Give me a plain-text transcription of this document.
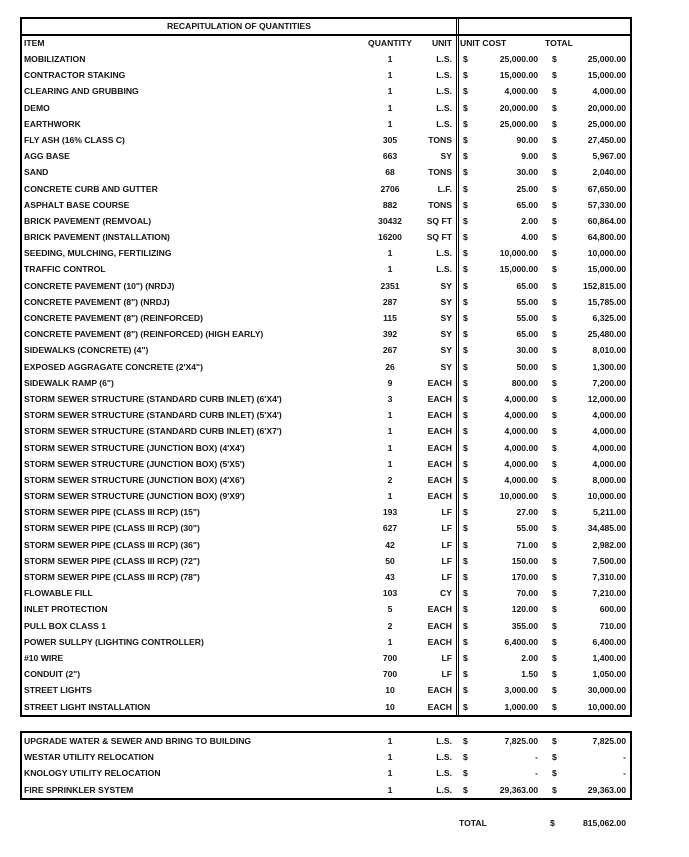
RECAPITULATION OF QUANTITIES
ITEM	QUANTITY	UNIT UNIT COST	TOTAL
MOBILIZATION	1	L.S. $	25,000.00 $	25,000.00
CONTRACTOR STAKING	1	L.S. $	15,000.00 $	15,000.00
CLEARING AND GRUBBING	1	L.S. $	4,000.00 $	4,000.00
DEMO	1	L.S. $	20,000.00 $	20,000.00
EARTHWORK	1	L.S. $	25,000.00 $	25,000.00
FLY ASH (16% CLASS C)	305	TONS $	90.00 $	27,450.00
AGG BASE	663	SY $	9.00 $	5,967.00
SAND	68	TONS $	30.00 $	2,040.00
CONCRETE CURB AND GUTTER	2706	L.F. $	25.00 $	67,650.00
ASPHALT BASE COURSE	882	TONS $	65.00 $	57,330.00
BRICK PAVEMENT (REMVOAL)	30432	SQ FT $	2.00 $	60,864.00
BRICK PAVEMENT (INSTALLATION)	16200	SQ FT $	4.00 $	64,800.00
SEEDING, MULCHING, FERTILIZING	1	L.S. $	10,000.00 $	10,000.00
TRAFFIC CONTROL	1	L.S. $	15,000.00 $	15,000.00
CONCRETE PAVEMENT (10") (NRDJ)	2351	SY $	65.00 $	152,815.00
CONCRETE PAVEMENT (8") (NRDJ)	287	SY $	55.00 $	15,785.00
CONCRETE PAVEMENT (8") (REINFORCED)	115	SY $	55.00 $	6,325.00
CONCRETE PAVEMENT (8") (REINFORCED) (HIGH EARLY)	392	SY $	65.00 $	25,480.00
SIDEWALKS (CONCRETE) (4")	267	SY $	30.00 $	8,010.00
EXPOSED AGGRAGATE CONCRETE (2'X4")	26	SY $	50.00 $	1,300.00
SIDEWALK RAMP (6")	9	EACH $	800.00 $	7,200.00
STORM SEWER STRUCTURE (STANDARD CURB INLET) (6'X4')	3	EACH $	4,000.00 $	12,000.00
STORM SEWER STRUCTURE (STANDARD CURB INLET) (5'X4')	1	EACH $	4,000.00 $	4,000.00
STORM SEWER STRUCTURE (STANDARD CURB INLET) (6'X7')	1	EACH $	4,000.00 $	4,000.00
STORM SEWER STRUCTURE (JUNCTION BOX) (4'X4')	1	EACH $	4,000.00 $	4,000.00
STORM SEWER STRUCTURE (JUNCTION BOX) (5'X5')	1	EACH $	4,000.00 $	4,000.00
STORM SEWER STRUCTURE (JUNCTION BOX) (4'X6')	2	EACH $	4,000.00 $	8,000.00
STORM SEWER STRUCTURE (JUNCTION BOX) (9'X9')	1	EACH $	10,000.00 $	10,000.00
STORM SEWER PIPE (CLASS III RCP) (15")	193	LF $	27.00 $	5,211.00
STORM SEWER PIPE (CLASS III RCP) (30")	627	LF $	55.00 $	34,485.00
STORM SEWER PIPE (CLASS III RCP) (36")	42	LF $	71.00 $	2,982.00
STORM SEWER PIPE (CLASS III RCP) (72")	50	LF $	150.00 $	7,500.00
STORM SEWER PIPE (CLASS III RCP) (78")	43	LF $	170.00 $	7,310.00
FLOWABLE FILL	103	CY $	70.00 $	7,210.00
INLET PROTECTION	5	EACH $	120.00 $	600.00
PULL BOX CLASS 1	2	EACH $	355.00 $	710.00
POWER SULLPY (LIGHTING CONTROLLER)	1	EACH $	6,400.00 $	6,400.00
#10 WIRE	700	LF $	2.00 $	1,400.00
CONDUIT (2")	700	LF $	1.50 $	1,050.00
STREET LIGHTS	10	EACH $	3,000.00 $	30,000.00
STREET LIGHT INSTALLATION	10	EACH $	1,000.00 $	10,000.00
UPGRADE WATER & SEWER AND BRING TO BUILDING	1	L.S. $	7,825.00 $	7,825.00
WESTAR UTILITY RELOCATION	1	L.S. $	-	$	-
KNOLOGY UTILITY RELOCATION	1	L.S. $	-	$	-
FIRE SPRINKLER SYSTEM	1	L.S. $	29,363.00 $	29,363.00
TOTAL	$	815,062.00
